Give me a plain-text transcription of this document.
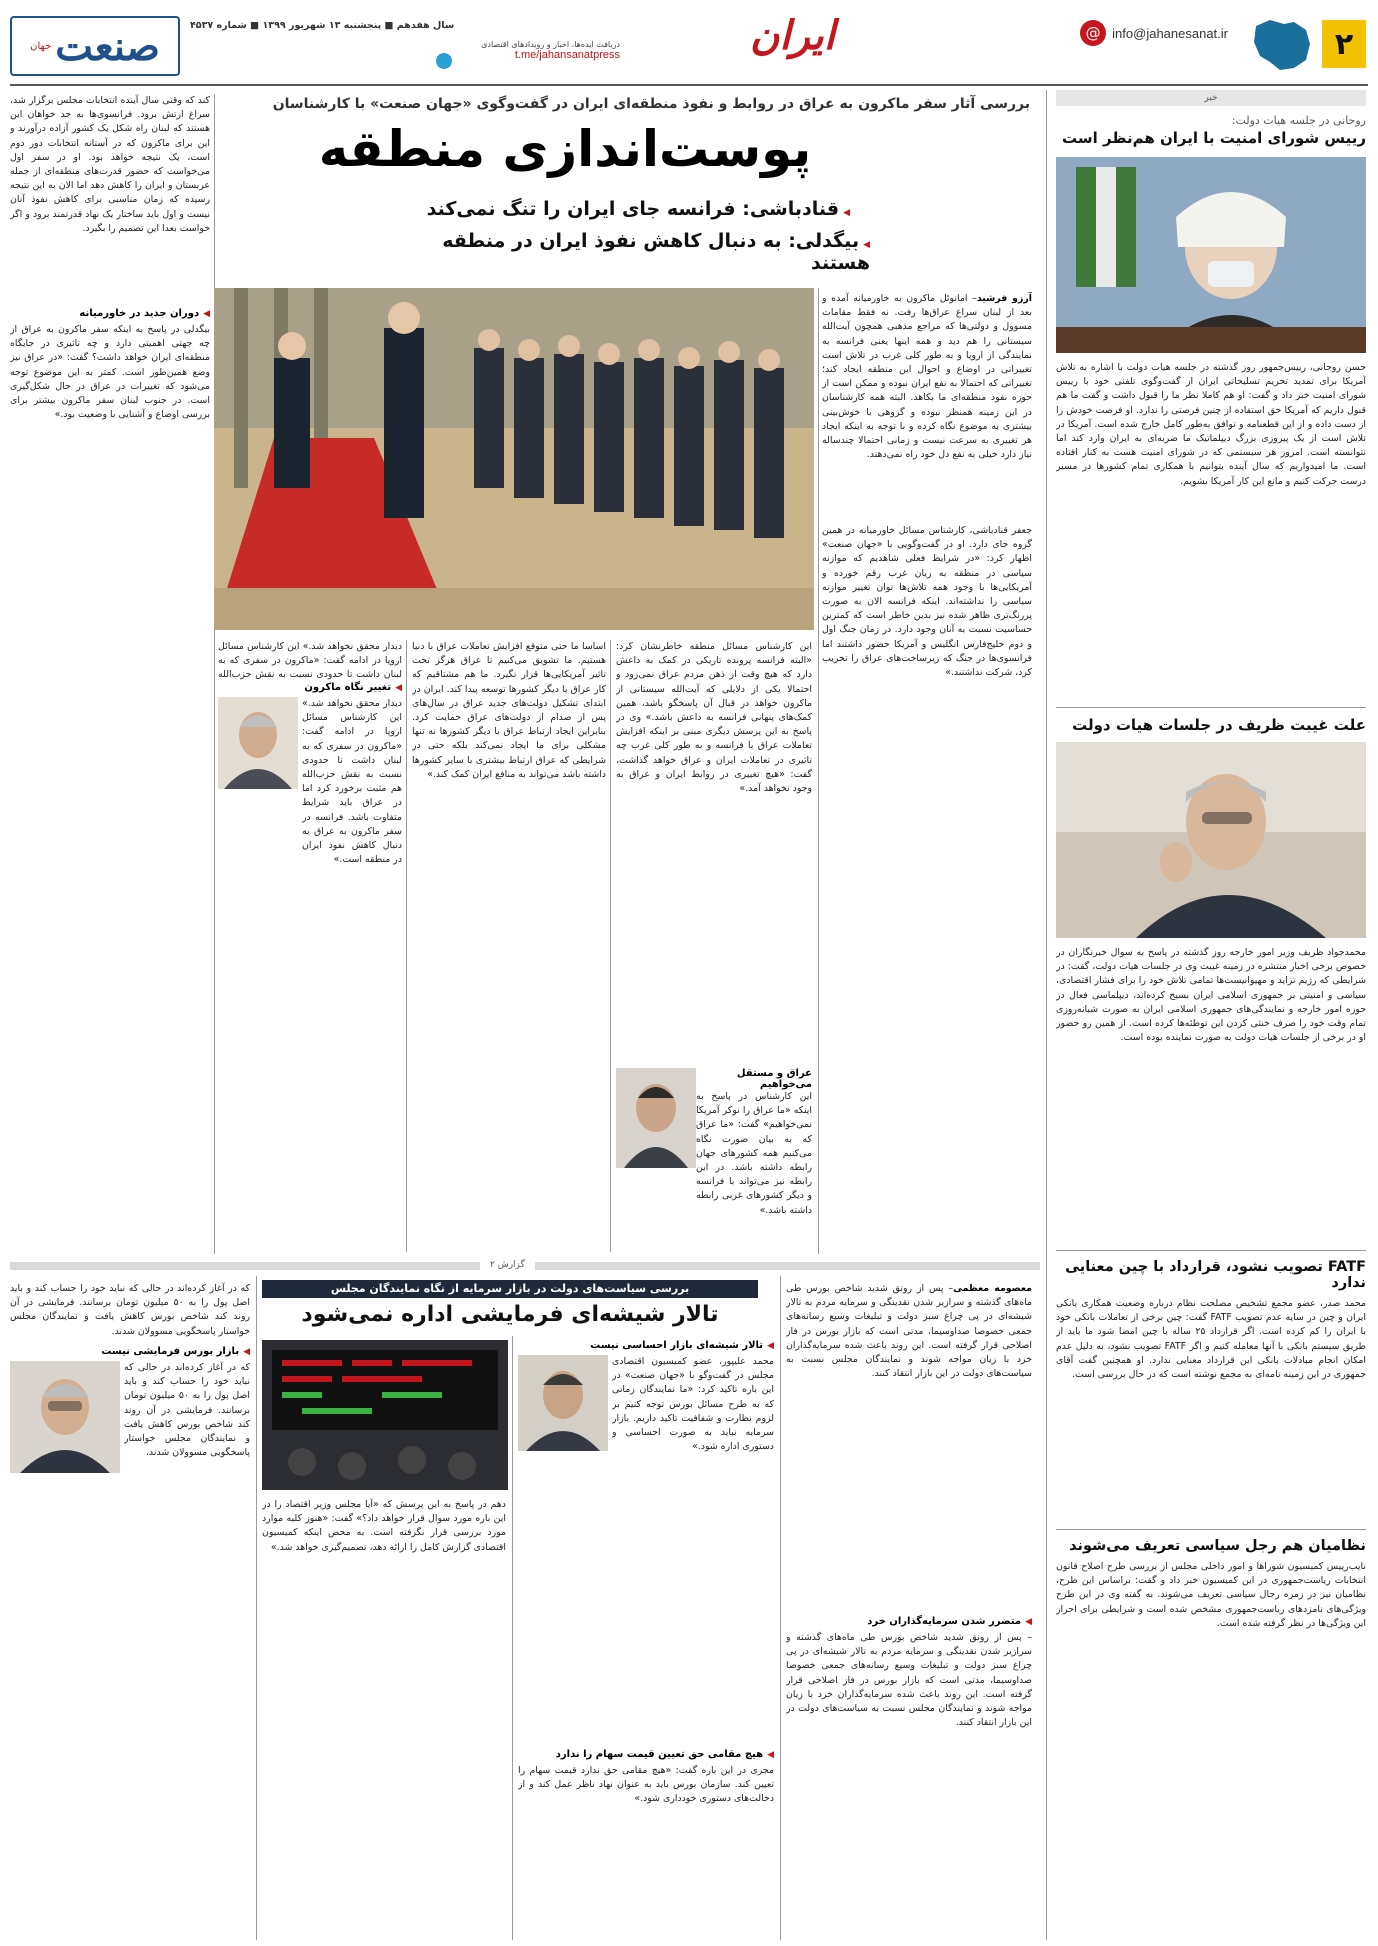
۲
@ info@jahanesanat.ir
ایران
دریافت ایده‌ها، اخبار و رویدادهای اقتصادی
t.me/jahansanatpress
سال هفدهم ■ پنجشنبه ۱۳ شهریور ۱۳۹۹ ■ شماره ۴۵۳۷
صنعت
جهان
خبر
روحانی در جلسه هیات دولت:
رییس شورای امنیت با ایران هم‌نظر است
حسن روحانی، رییس‌جمهور روز گذشته در جلسه هیات دولت با اشاره به تلاش آمریکا برای تمدید تحریم تسلیحاتی ایران از گفت‌وگوی تلفنی خود با رییس شورای امنیت خبر داد و گفت: او هم کاملا نظر ما را قبول داشت و گفت ما هم قبول داریم که آمریکا حق استفاده از چنین فرصتی را ندارد. او فرصت خودش را از دست داده و از این قطعنامه و توافق به‌طور کامل خارج شده است. آمریکا در تلاش است از یک پیروزی بزرگ دیپلماتیک ما ضربه‌ای به ایران وارد کند اما نتوانسته است. امروز هر سیستمی که در شورای امنیت هست به کنار افتاده است. ما امیدواریم که سال آینده بتوانیم با همکاری تمام کشورها در مسیر درست حرکت کنیم و مانع این کار آمریکا بشویم.
علت غیبت ظریف در جلسات هیات دولت
محمدجواد ظریف وزیر امور خارجه روز گذشته در پاسخ به سوال خبرنگاران در خصوص برخی اخبار منتشره در زمینه غیبت وی در جلسات هیات دولت، گفت: در شرایطی که رژیم تزاید و مهیوانیست‌ها تمامی تلاش خود را برای فشار اقتصادی، سیاسی و امنیتی بر جمهوری اسلامی ایران بسیج کرده‌اند، دیپلماسی فعال در حوزه امور خارجه و نمایندگی‌های جمهوری اسلامی ایران به صورت شبانه‌روزی تمام وقت خود را صرف خنثی کردن این توطئه‌ها کرده است. از همین رو حضور او در برخی از جلسات هیات دولت به صورت نماینده بوده است.
FATF تصویب نشود، قرارداد با چین معنایی ندارد
محمد صدر، عضو مجمع تشخیص مصلحت نظام درباره وضعیت همکاری بانکی ایران و چین در سایه عدم تصویب FATF گفت: چین برخی از تعاملات بانکی خود با ایران را کم کرده است. اگر قرارداد ۲۵ ساله با چین امضا شود ما باید از طریق سیستم بانکی با آنها معامله کنیم و اگر FATF تصویب نشود، به دلیل عدم امکان انجام مبادلات بانکی این قرارداد معنایی ندارد. او همچنین گفت آقای جمهوری در این زمینه نامه‌ای به مجمع نوشته است که در حال بررسی است.
نظامیان هم رجل سیاسی تعریف می‌شوند
نایب‌رییس کمیسیون شوراها و امور داخلی مجلس از بررسی طرح اصلاح قانون انتخابات ریاست‌جمهوری در این کمیسیون خبر داد و گفت: براساس این طرح، نظامیان نیز در زمره رجال سیاسی تعریف می‌شوند. به گفته وی در این طرح ویژگی‌های نامزدهای ریاست‌جمهوری مشخص شده است و شرایطی برای احراز این ویژگی‌ها در نظر گرفته شده است.
بررسی آثار سفر ماکرون به عراق در روابط و نفوذ منطقه‌ای ایران در گفت‌وگوی «جهان صنعت» با کارشناسان
پوست‌اندازی منطقه
◀قنادباشی: فرانسه جای ایران را تنگ نمی‌کند
◀بیگدلی: به دنبال کاهش نفوذ ایران در منطقه هستند
کند که وقتی سال آینده انتخابات مجلس برگزار شد، سراغ ارتش برود. فرانسوی‌ها به جد خواهان این هستند که لبنان راه شکل یک کشور آزاده درآورند و این برای ماکرون که در آستانه انتخابات دور دوم است، یک نتیجه خواهد بود. او در سفر اول می‌خواست که حضور قدرت‌های منطقه‌ای از جمله عربستان و ایران را کاهش دهد اما الان به این نتیجه رسیده که زمان مناسبی برای کاهش نفوذ آنان نیست و اول باید ساختار یک نهاد قدرتمند برود و اگر خواست بعدا این تصمیم را بگیرد.
◀دوران جدید در خاورمیانه
بیگدلی در پاسخ به اینکه سفر ماکرون به عراق از چه جهتی اهمیتی دارد و چه تاثیری در جایگاه منطقه‌ای ایران خواهد داشت؟ گفت: «در عراق نیز وضع همین‌طور است. کمتر به این موضوع توجه می‌شود که تغییرات در عراق در حال شکل‌گیری است. در جنوب لبنان سفر ماکرون بیشتر برای بررسی اوضاع و آشنایی با وضعیت بود.»
آرزو فرشید– امانوئل ماکرون به خاورمیانه آمده و بعد از لبنان سراغ عراق‌ها رفت. نه فقط مقامات مسوول و دولتی‌ها که مراجع مذهبی همچون آیت‌الله سیستانی را هم دید و همه اینها یعنی فرانسه به نمایندگی از اروپا و به طور کلی غرب در تلاش است تغییراتی در اوضاع و احوال این منطقه ایجاد کند؛ تغییراتی که احتمالا به نفع ایران نبوده و ممکن است از حوزه نفوذ منطقه‌ای ما بکاهد. البته همه کارشناسان در این زمینه همنظر نبوده و گروهی با خوش‌بینی بیشتری به موضوع نگاه کرده و با توجه به اینکه ایجاد هر تغییری به سرعت نیست و زمانی احتمالا چندساله نیاز دارد خیلی به نفع دل خود راه نمی‌دهند.
جعفر قنادباشی، کارشناس مسائل خاورمیانه در همین گروه جای دارد. او در گفت‌وگویی با «جهان صنعت» اظهار کرد: «در شرایط فعلی شاهدیم که موازنه سیاسی در منطقه به زیان غرب رقم خورده و آمریکایی‌ها با وجود همه تلاش‌ها توان تغییر موازنه سیاسی را نداشته‌اند. اینکه فرانسه الان به صورت پررنگ‌تری ظاهر شده نیز بدین خاطر است که کمترین حساسیت نسبت به آنان وجود دارد. در زمان جنگ اول و دوم خلیج‌فارس انگلیس و آمریکا حضور داشتند اما فرانسوی‌ها در جنگ که زیرساخت‌های عراق را تخریب کرد، شرکت نداشتند.»
این کارشناس مسائل منطقه خاطرنشان کرد: «البته فرانسه پرونده تاریکی در کمک به داعش دارد که هیچ وقت از ذهن مردم عراق نمی‌رود و احتمالا یکی از دلایلی که آیت‌الله سیستانی از ماکرون خواهد در قبال آن پاسخگو باشد، همین کمک‌های پنهانی فرانسه به داعش باشد.» وی در پاسخ به این پرسش دیگری مبنی بر اینکه افزایش تعاملات عراق با فرانسه و به طور کلی غرب چه تاثیری در تعاملات ایران و عراق خواهد گذاشت، گفت: «هیچ تغییری در روابط ایران و عراق به وجود نخواهد آمد.»
عراق و مستقل می‌خواهیم
این کارشناس در پاسخ به اینکه «ما عراق را نوکر آمریکا نمی‌خواهیم» گفت: «ما عراق که به بیان صورت نگاه می‌کنیم همه کشورهای جهان رابطه داشته باشد. در این رابطه نیز می‌تواند با فرانسه و دیگر کشورهای غربی رابطه داشته باشد.»
اساسا ما حتی متوقع افزایش تعاملات عراق با دنیا هستیم. ما تشویق می‌کنیم تا عراق هرگز تحت تاثیر آمریکایی‌ها قرار نگیرد. ما هم مشتاقیم که کار عراق با دیگر کشورها توسعه پیدا کند. ایران در ابتدای تشکیل دولت‌های جدید عراق در سال‌های پس از صدام از دولت‌های عراق حمایت کرد. بنابراین ایجاد ارتباط عراق با دیگر کشورها نه تنها مشکلی برای ما ایجاد نمی‌کند بلکه حتی در شرایطی که عراق ارتباط بیشتری با سایر کشورها داشته باشد می‌تواند به منافع ایران کمک کند.»
دیدار محقق نخواهد شد.» این کارشناس مسائل اروپا در ادامه گفت: «ماکرون در سفری که به لبنان داشت تا حدودی نسبت به نقش حزب‌الله
◀تغییر نگاه ماکرون
دیدار محقق نخواهد شد.» این کارشناس مسائل اروپا در ادامه گفت: «ماکرون در سفری که به لبنان داشت تا حدودی نسبت به نقش حزب‌الله هم مثبت برخورد کرد اما در عراق باید شرایط متفاوت باشد. فرانسه در سفر ماکرون به عراق به دنبال کاهش نفوذ ایران در منطقه است.»
گزارش ۲
بررسی سیاست‌های دولت در بازار سرمایه از نگاه نمایندگان مجلس
تالار شیشه‌ای فرمایشی اداره نمی‌شود
معصومه معظمی– پس از رونق شدید شاخص بورس طی ماه‌های گذشته و سرازیر شدن نقدینگی و سرمایه مردم به تالار شیشه‌ای در پی چراغ سبز دولت و تبلیغات وسیع رسانه‌های جمعی خصوصا صداوسیما، مدتی است که بازار بورس در فاز اصلاحی قرار گرفته است. این روند باعث شده سرمایه‌گذاران خرد با زیان مواجه شوند و نمایندگان مجلس نسبت به سیاست‌های دولت در این بازار انتقاد کنند.
◀متضرر شدن سرمایه‌گذاران خرد
– پس از رونق شدید شاخص بورس طی ماه‌های گذشته و سرازیر شدن نقدینگی و سرمایه مردم به تالار شیشه‌ای در پی چراغ سبز دولت و تبلیغات وسیع رسانه‌های جمعی خصوصا صداوسیما، مدتی است که بازار بورس در فاز اصلاحی قرار گرفته است. این روند باعث شده سرمایه‌گذاران خرد با زیان مواجه شوند و نمایندگان مجلس نسبت به سیاست‌های دولت در این بازار انتقاد کنند.
◀تالار شیشه‌ای بازار احساسی نیست
محمد علیپور، عضو کمیسیون اقتصادی مجلس در گفت‌وگو با «جهان صنعت» در این باره تاکید کرد: «ما نمایندگان زمانی که به طرح مسائل بورس توجه کنیم بر لزوم نظارت و شفافیت تاکید داریم. بازار سرمایه نباید به صورت احساسی و دستوری اداره شود.»
◀هیچ مقامی حق تعیین قیمت سهام را ندارد
مجری در این باره گفت: «هیچ مقامی حق ندارد قیمت سهام را تعیین کند. سازمان بورس باید به عنوان نهاد ناظر عمل کند و از دخالت‌های دستوری خودداری شود.»
دهم در پاسخ به این پرسش که «آیا مجلس وزیر اقتصاد را در این باره مورد سوال قرار خواهد داد؟» گفت: «هنوز کلیه موارد مورد بررسی قرار نگرفته است. به محض اینکه کمیسیون اقتصادی گزارش کامل را ارائه دهد، تصمیم‌گیری خواهد شد.»
که در آغاز کرده‌اند در حالی که نباید خود را حساب کند و باید اصل پول را به ۵۰ میلیون تومان برسانند. فرمایشی در آن روند کند شاخص بورس کاهش یافت و نمایندگان مجلس خواستار پاسخگویی مسوولان شدند.
◀بازار بورس فرمایشی نیست
که در آغاز کرده‌اند در حالی که نباید خود را حساب کند و باید اصل پول را به ۵۰ میلیون تومان برسانند. فرمایشی در آن روند کند شاخص بورس کاهش یافت و نمایندگان مجلس خواستار پاسخگویی مسوولان شدند.
